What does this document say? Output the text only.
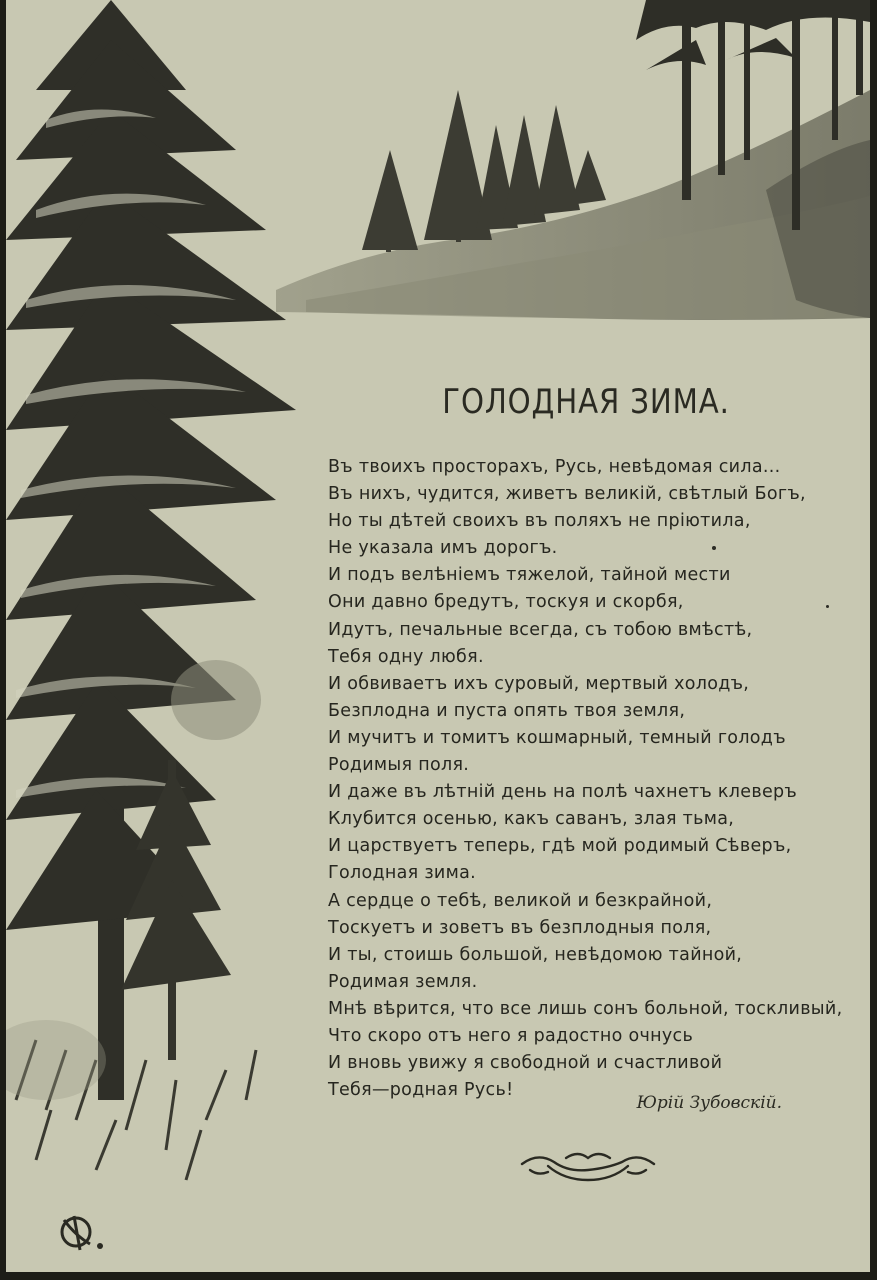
ГОЛОДНАЯ ЗИМА.
Въ твоихъ просторахъ, Русь, невѣдомая сила...
Въ нихъ, чудится, живетъ великій, свѣтлый Богъ,
Но ты дѣтей своихъ въ поляхъ не пріютила,
Не указала имъ дорогъ.
И подъ велѣніемъ тяжелой, тайной мести
Они давно бредутъ, тоскуя и скорбя,
Идутъ, печальные всегда, съ тобою вмѣстѣ,
Тебя одну любя.
И обвиваетъ ихъ суровый, мертвый холодъ,
Безплодна и пуста опять твоя земля,
И мучитъ и томитъ кошмарный, темный голодъ
Родимыя поля.
И даже въ лѣтній день на полѣ чахнетъ клеверъ
Клубится осенью, какъ саванъ, злая тьма,
И царствуетъ теперь, гдѣ мой родимый Сѣверъ,
Голодная зима.
А сердце о тебѣ, великой и безкрайной,
Тоскуетъ и зоветъ въ безплодныя поля,
И ты, стоишь большой, невѣдомою тайной,
Родимая земля.
Мнѣ вѣрится, что все лишь сонъ больной, тоскливый,
Что скоро отъ него я радостно очнусь
И вновь увижу я свободной и счастливой
Тебя—родная Русь!
Юрій Зубовскій.
